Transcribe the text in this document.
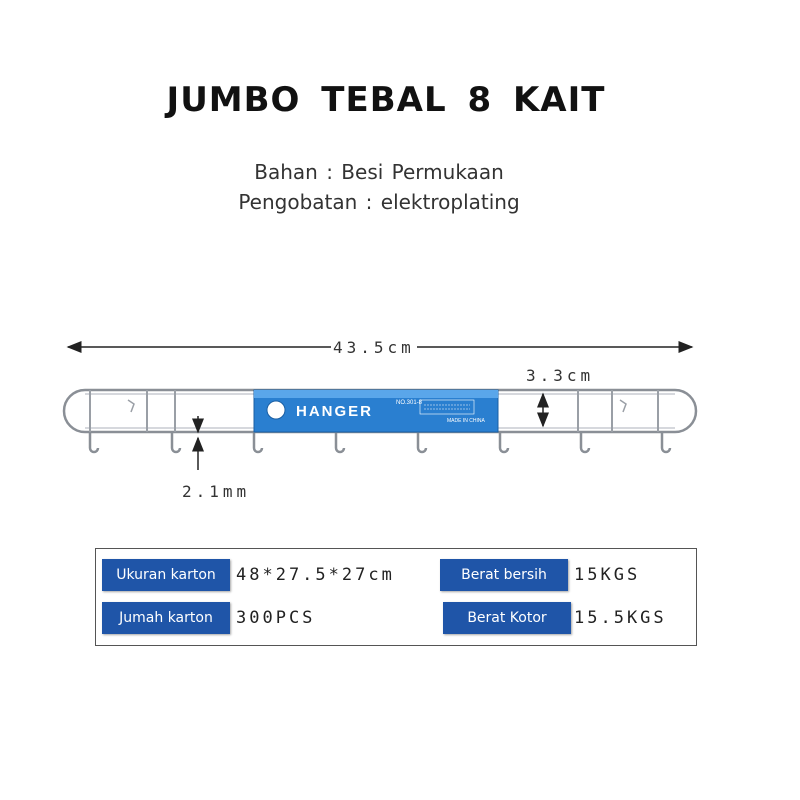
JUMBO TEBAL 8 KAIT
Bahan : Besi Permukaan
Pengobatan : elektroplating
HANGER	NO.301-8
MADE IN CHINA
43.5cm
3.3cm
2.1mm
Ukuran karton	48*27.5*27cm
Jumah karton	300PCS
Berat bersih	15KGS
Berat Kotor	15.5KGS
